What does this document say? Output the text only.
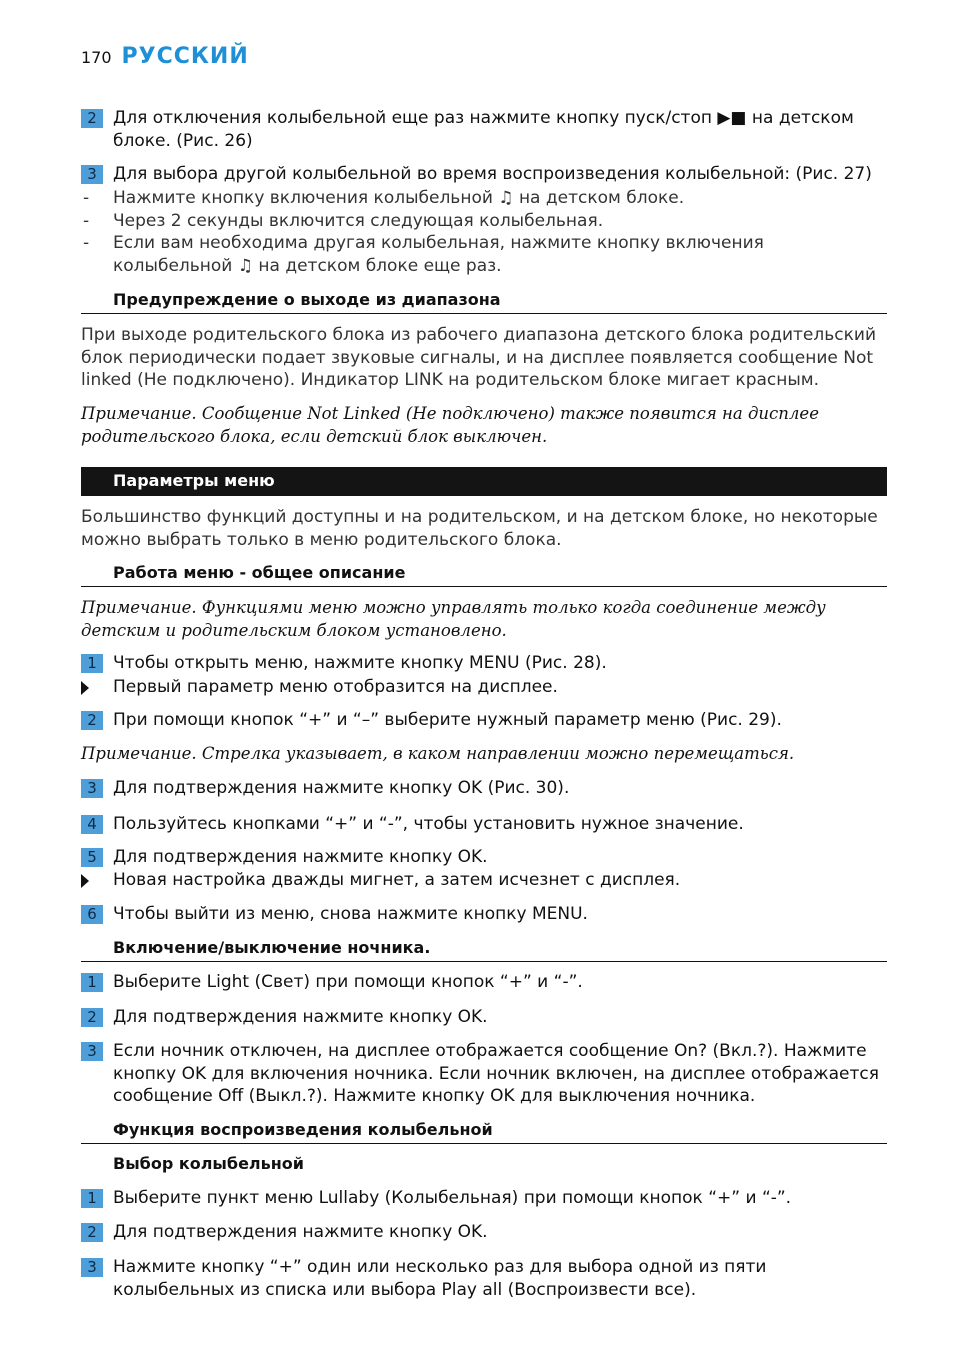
170 РУССКИЙ
2 Для отключения колыбельной еще раз нажмите кнопку пуск/стоп ▶■ на детском блоке. (Рис. 26)
3 Для выбора другой колыбельной во время воспроизведения колыбельной: (Рис. 27)
- Нажмите кнопку включения колыбельной ♫ на детском блоке.
- Через 2 секунды включится следующая колыбельная.
- Если вам необходима другая колыбельная, нажмите кнопку включения колыбельной ♫ на детском блоке еще раз.
Предупреждение о выходе из диапазона
При выходе родительского блока из рабочего диапазона детского блока родительский блок периодически подает звуковые сигналы, и на дисплее появляется сообщение Not linked (Не подключено). Индикатор LINK на родительском блоке мигает красным.
Примечание. Сообщение Not Linked (Не подключено) также появится на дисплее родительского блока, если детский блок выключен.
Параметры меню
Большинство функций доступны и на родительском, и на детском блоке, но некоторые можно выбрать только в меню родительского блока.
Работа меню - общее описание
Примечание. Функциями меню можно управлять только когда соединение между детским и родительским блоком установлено.
1 Чтобы открыть меню, нажмите кнопку MENU (Рис. 28).
Первый параметр меню отобразится на дисплее.
2 При помощи кнопок “+” и “–” выберите нужный параметр меню (Рис. 29).
Примечание. Стрелка указывает, в каком направлении можно перемещаться.
3 Для подтверждения нажмите кнопку OK (Рис. 30).
4 Пользуйтесь кнопками “+” и “-”, чтобы установить нужное значение.
5 Для подтверждения нажмите кнопку OK.
Новая настройка дважды мигнет, а затем исчезнет с дисплея.
6 Чтобы выйти из меню, снова нажмите кнопку MENU.
Включение/выключение ночника.
1 Выберите Light (Свет) при помощи кнопок “+” и “-”.
2 Для подтверждения нажмите кнопку OK.
3 Если ночник отключен, на дисплее отображается сообщение On? (Вкл.?). Нажмите кнопку OK для включения ночника. Если ночник включен, на дисплее отображается сообщение Off (Выкл.?). Нажмите кнопку OK для выключения ночника.
Функция воспроизведения колыбельной
Выбор колыбельной
1 Выберите пункт меню Lullaby (Колыбельная) при помощи кнопок “+” и “-”.
2 Для подтверждения нажмите кнопку OK.
3 Нажмите кнопку “+” один или несколько раз для выбора одной из пяти колыбельных из списка или выбора Play all (Воспроизвести все).
